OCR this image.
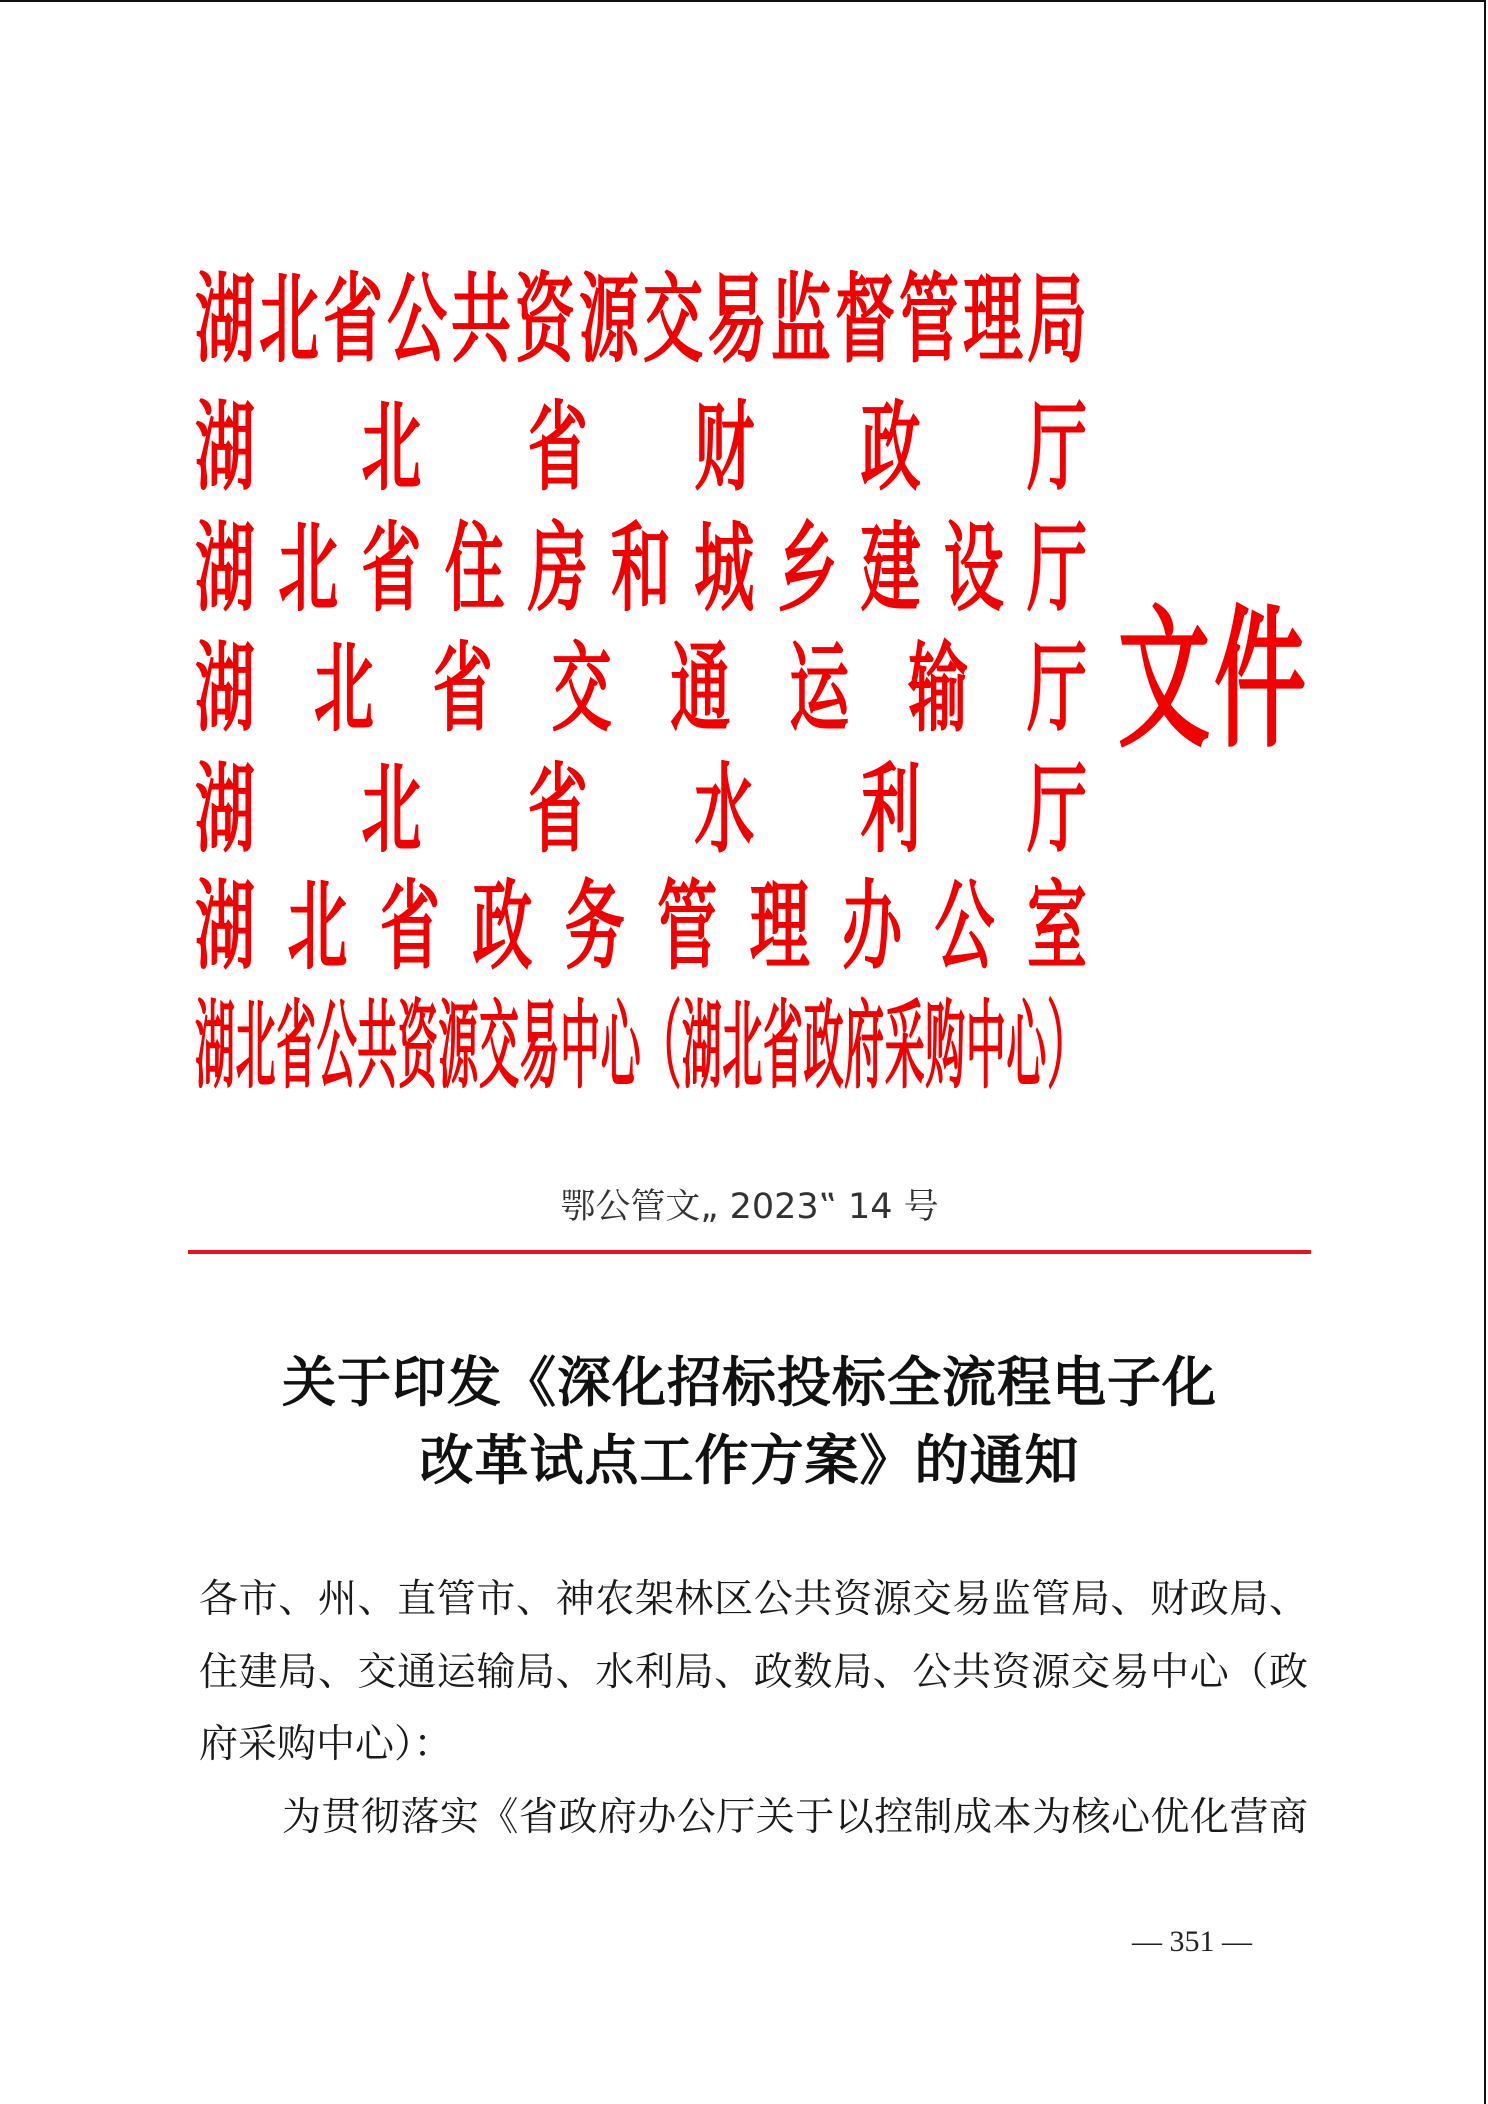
湖北省公共资源交易监督管理局
湖北省财政厅
湖北省住房和城乡建设厅
湖北省交通运输厅
湖北省水利厅
湖北省政务管理办公室
湖北省公共资源交易中心（湖北省政府采购中心）
文件
鄂公管文„ 2023‟ 14 号
关于印发《深化招标投标全流程电子化
改革试点工作方案》的通知
各市、州、直管市、神农架林区公共资源交易监管局、财政局、
住建局、交通运输局、水利局、政数局、公共资源交易中心（政
府采购中心）：
为贯彻落实《省政府办公厅关于以控制成本为核心优化营商
— 351 —
